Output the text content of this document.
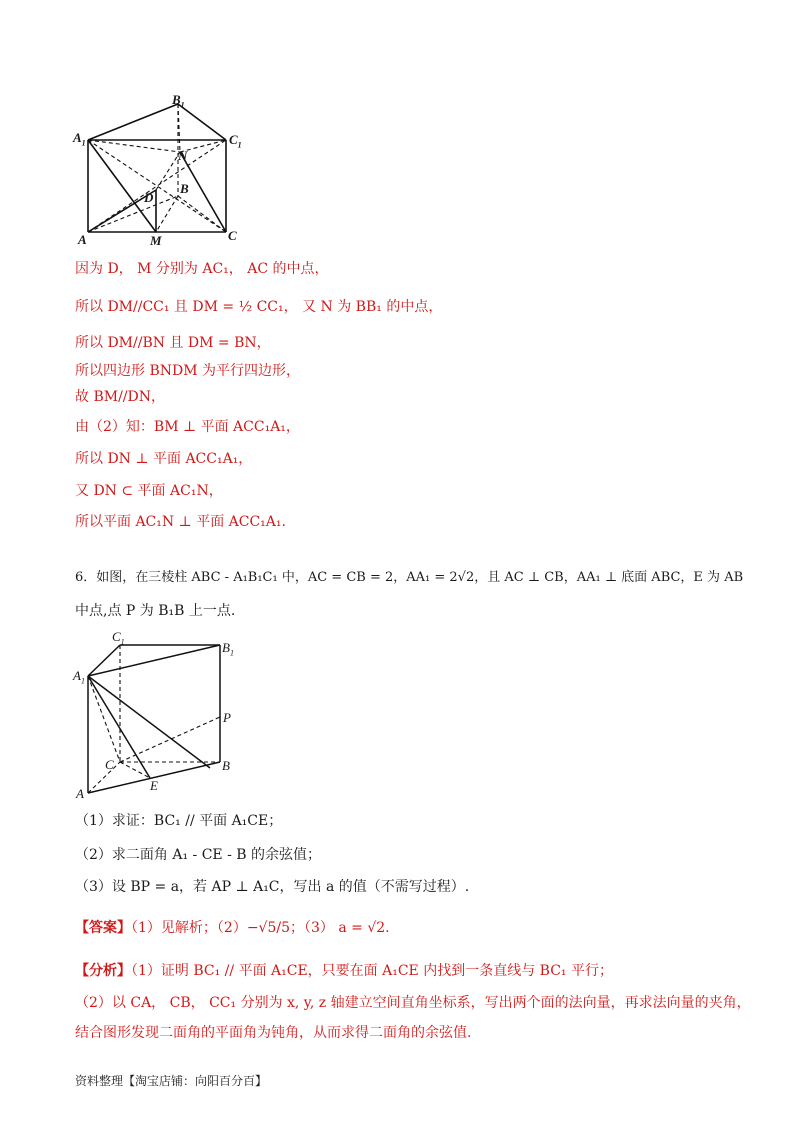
$B_1$
$A_1$	$C_1$
N
D
B
A	M	C
因为 D， M 分别为 AC₁， AC 的中点，
所以 DM//CC₁ 且 DM = ½ CC₁， 又 N 为 BB₁ 的中点，
所以 DM//BN 且 DM = BN，
所以四边形 BNDM 为平行四边形，
故 BM//DN，
由（2）知：BM ⊥ 平面 ACC₁A₁，
所以 DN ⊥ 平面 ACC₁A₁，
又 DN ⊂ 平面 AC₁N，
所以平面 AC₁N ⊥ 平面 ACC₁A₁.
6．如图，在三棱柱 ABC - A₁B₁C₁ 中，AC = CB = 2，AA₁ = 2√2，且 AC ⊥ CB，AA₁ ⊥ 底面 ABC，E 为 AB
中点,点 P 为 B₁B 上一点.
$C_1$	$B_1$
$A_1$
P
C	B
E
A
（1）求证：BC₁ // 平面 A₁CE；
（2）求二面角 A₁ - CE - B 的余弦值；
（3）设 BP = a，若 AP ⊥ A₁C，写出 a 的值（不需写过程）.
【答案】（1）见解析；（2）−√5/5；（3） a = √2.
【分析】（1）证明 BC₁ // 平面 A₁CE，只要在面 A₁CE 内找到一条直线与 BC₁ 平行；
（2）以 CA， CB， CC₁ 分别为 x, y, z 轴建立空间直角坐标系，写出两个面的法向量，再求法向量的夹角，
结合图形发现二面角的平面角为钝角，从而求得二面角的余弦值.
资料整理【淘宝店铺：向阳百分百】
